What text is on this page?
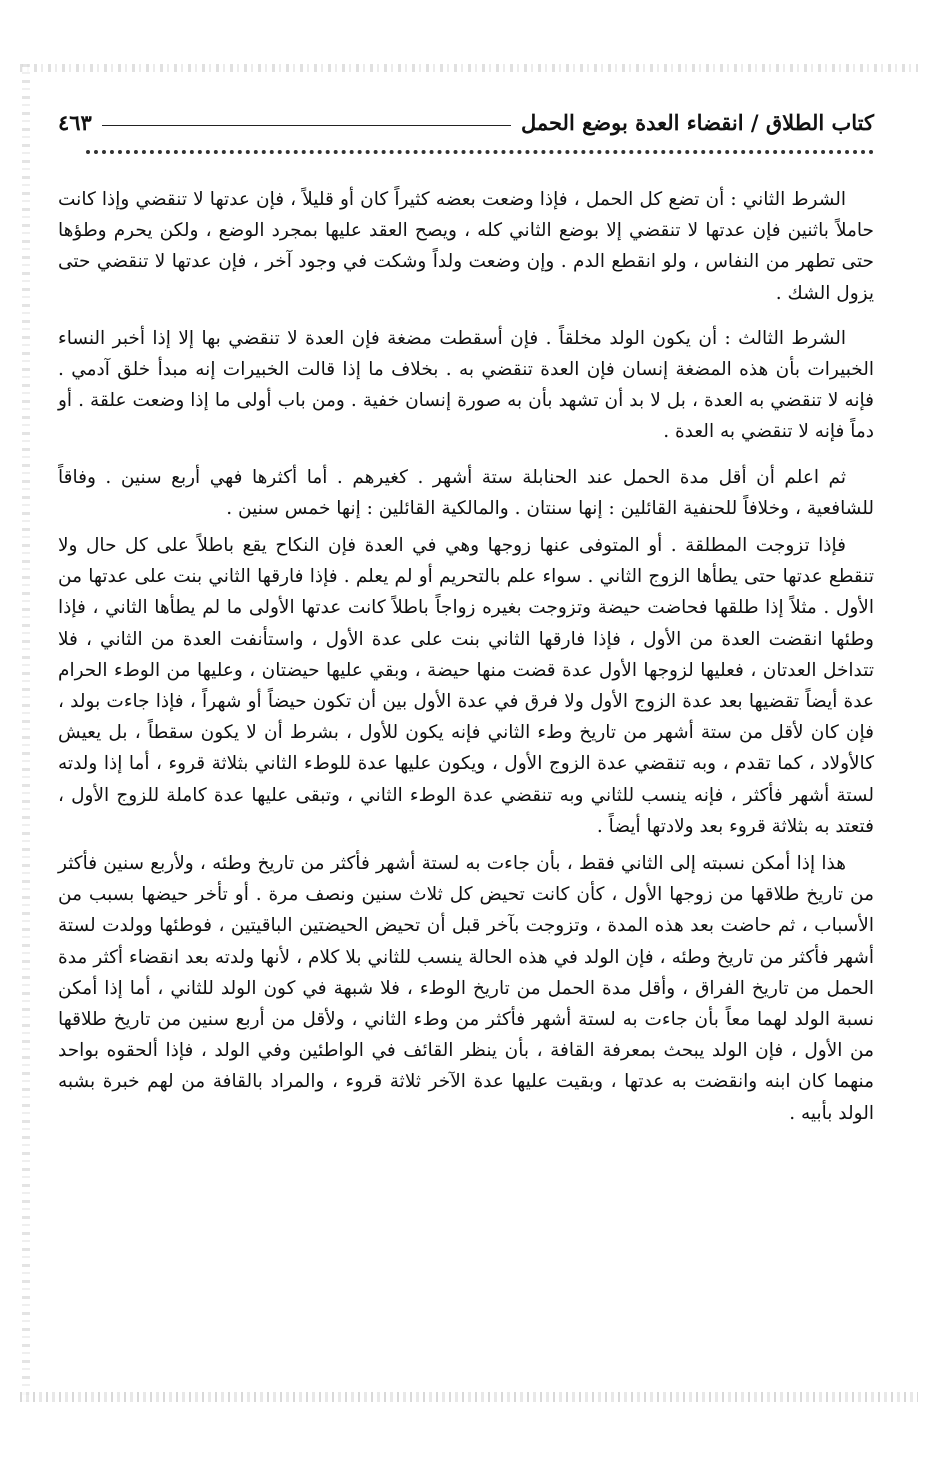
كتاب الطلاق / انقضاء العدة بوضع الحمل
٤٦٣

الشرط الثاني : أن تضع كل الحمل ، فإذا وضعت بعضه كثيراً كان أو قليلاً ، فإن عدتها لا تنقضي وإذا كانت حاملاً باثنين فإن عدتها لا تنقضي إلا بوضع الثاني كله ، ويصح العقد عليها بمجرد الوضع ، ولكن يحرم وطؤها حتى تطهر من النفاس ، ولو انقطع الدم . وإن وضعت ولداً وشكت في وجود آخر ، فإن عدتها لا تنقضي حتى يزول الشك .

الشرط الثالث : أن يكون الولد مخلقاً . فإن أسقطت مضغة فإن العدة لا تنقضي بها إلا إذا أخبر النساء الخبيرات بأن هذه المضغة إنسان فإن العدة تنقضي به . بخلاف ما إذا قالت الخبيرات إنه مبدأ خلق آدمي . فإنه لا تنقضي به العدة ، بل لا بد أن تشهد بأن به صورة إنسان خفية . ومن باب أولى ما إذا وضعت علقة . أو دماً فإنه لا تنقضي به العدة .

ثم اعلم أن أقل مدة الحمل عند الحنابلة ستة أشهر . كغيرهم . أما أكثرها فهي أربع سنين . وفاقاً للشافعية ، وخلافاً للحنفية القائلين : إنها سنتان . والمالكية القائلين : إنها خمس سنين .

فإذا تزوجت المطلقة . أو المتوفى عنها زوجها وهي في العدة فإن النكاح يقع باطلاً على كل حال ولا تنقطع عدتها حتى يطأها الزوج الثاني . سواء علم بالتحريم أو لم يعلم . فإذا فارقها الثاني بنت على عدتها من الأول . مثلاً إذا طلقها فحاضت حيضة وتزوجت بغيره زواجاً باطلاً كانت عدتها الأولى ما لم يطأها الثاني ، فإذا وطئها انقضت العدة من الأول ، فإذا فارقها الثاني بنت على عدة الأول ، واستأنفت العدة من الثاني ، فلا تتداخل العدتان ، فعليها لزوجها الأول عدة قضت منها حيضة ، وبقي عليها حيضتان ، وعليها من الوطء الحرام عدة أيضاً تقضيها بعد عدة الزوج الأول ولا فرق في عدة الأول بين أن تكون حيضاً أو شهراً ، فإذا جاءت بولد ، فإن كان لأقل من ستة أشهر من تاريخ وطء الثاني فإنه يكون للأول ، بشرط أن لا يكون سقطاً ، بل يعيش كالأولاد ، كما تقدم ، وبه تنقضي عدة الزوج الأول ، ويكون عليها عدة للوطء الثاني بثلاثة قروء ، أما إذا ولدته لستة أشهر فأكثر ، فإنه ينسب للثاني وبه تنقضي عدة الوطء الثاني ، وتبقى عليها عدة كاملة للزوج الأول ، فتعتد به بثلاثة قروء بعد ولادتها أيضاً .

هذا إذا أمكن نسبته إلى الثاني فقط ، بأن جاءت به لستة أشهر فأكثر من تاريخ وطئه ، ولأربع سنين فأكثر من تاريخ طلاقها من زوجها الأول ، كأن كانت تحيض كل ثلاث سنين ونصف مرة . أو تأخر حيضها بسبب من الأسباب ، ثم حاضت بعد هذه المدة ، وتزوجت بآخر قبل أن تحيض الحيضتين الباقيتين ، فوطئها وولدت لستة أشهر فأكثر من تاريخ وطئه ، فإن الولد في هذه الحالة ينسب للثاني بلا كلام ، لأنها ولدته بعد انقضاء أكثر مدة الحمل من تاريخ الفراق ، وأقل مدة الحمل من تاريخ الوطء ، فلا شبهة في كون الولد للثاني ، أما إذا أمكن نسبة الولد لهما معاً بأن جاءت به لستة أشهر فأكثر من وطء الثاني ، ولأقل من أربع سنين من تاريخ طلاقها من الأول ، فإن الولد يبحث بمعرفة القافة ، بأن ينظر القائف في الواطئين وفي الولد ، فإذا ألحقوه بواحد منهما كان ابنه وانقضت به عدتها ، وبقيت عليها عدة الآخر ثلاثة قروء ، والمراد بالقافة من لهم خبرة بشبه الولد بأبيه .
